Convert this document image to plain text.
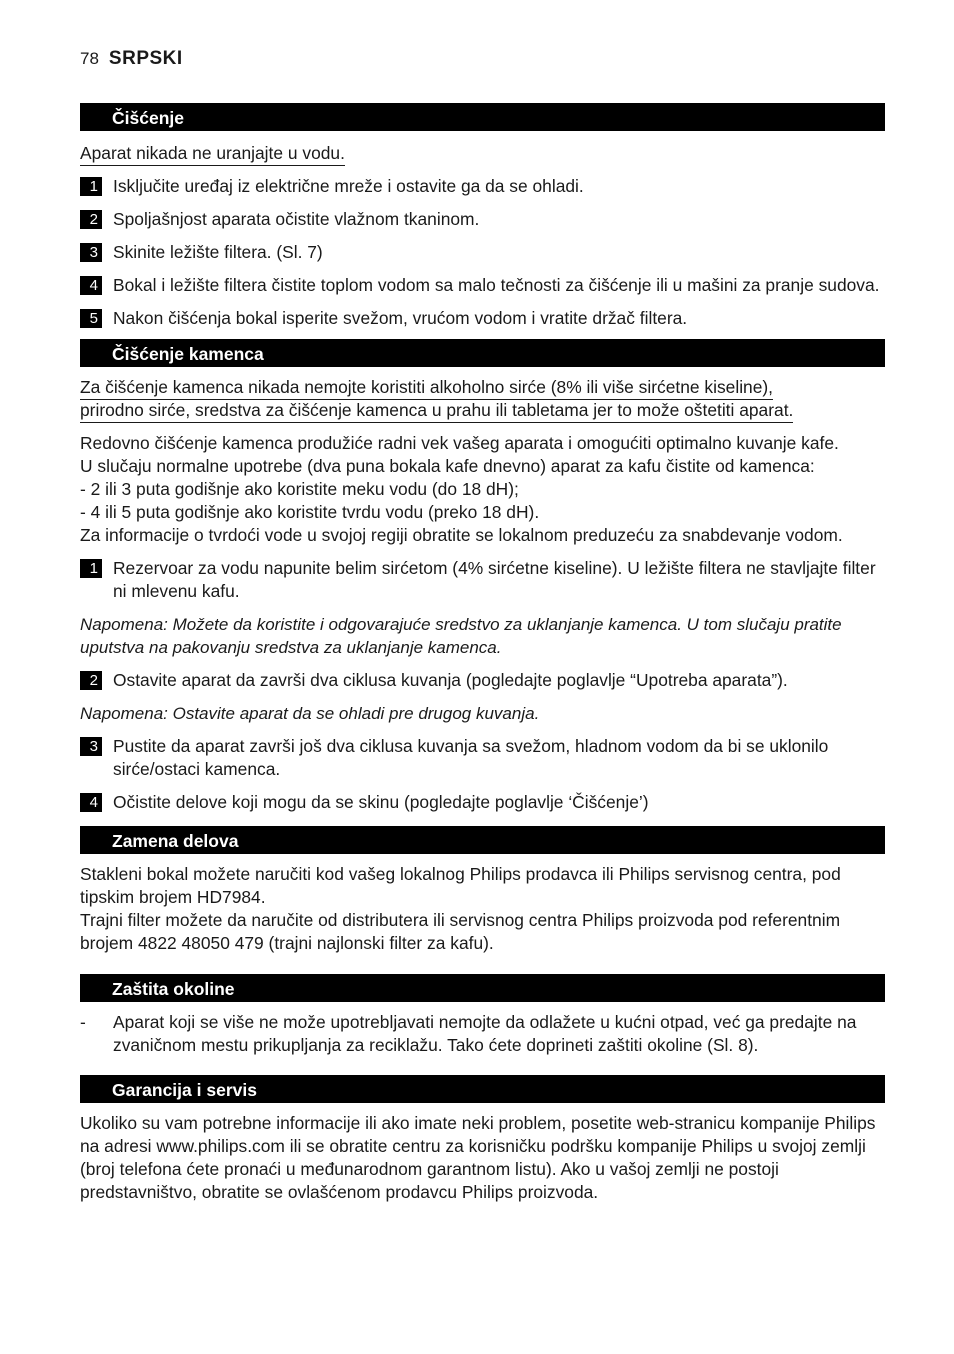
78 SRPSKI
Čišćenje
Aparat nikada ne uranjajte u vodu.
1 Isključite uređaj iz električne mreže i ostavite ga da se ohladi.
2 Spoljašnjost aparata očistite vlažnom tkaninom.
3 Skinite ležište filtera. (Sl. 7)
4 Bokal i ležište filtera čistite toplom vodom sa malo tečnosti za čišćenje ili u mašini za pranje sudova.
5 Nakon čišćenja bokal isperite svežom, vrućom vodom i vratite držač filtera.
Čišćenje kamenca
Za čišćenje kamenca nikada nemojte koristiti alkoholno sirće (8% ili više sirćetne kiseline),
prirodno sirće, sredstva za čišćenje kamenca u prahu ili tabletama jer to može oštetiti aparat.
Redovno čišćenje kamenca produžiće radni vek vašeg aparata i omogućiti optimalno kuvanje kafe.
U slučaju normalne upotrebe (dva puna bokala kafe dnevno) aparat za kafu čistite od kamenca:
- 2 ili 3 puta godišnje ako koristite meku vodu (do 18 dH);
- 4 ili 5 puta godišnje ako koristite tvrdu vodu (preko 18 dH).
Za informacije o tvrdoći vode u svojoj regiji obratite se lokalnom preduzeću za snabdevanje vodom.
1 Rezervoar za vodu napunite belim sirćetom (4% sirćetne kiseline). U ležište filtera ne stavljajte filter ni mlevenu kafu.
Napomena: Možete da koristite i odgovarajuće sredstvo za uklanjanje kamenca. U tom slučaju pratite uputstva na pakovanju sredstva za uklanjanje kamenca.
2 Ostavite aparat da završi dva ciklusa kuvanja (pogledajte poglavlje “Upotreba aparata”).
Napomena: Ostavite aparat da se ohladi pre drugog kuvanja.
3 Pustite da aparat završi još dva ciklusa kuvanja sa svežom, hladnom vodom da bi se uklonilo sirće/ostaci kamenca.
4 Očistite delove koji mogu da se skinu (pogledajte poglavlje ‘Čišćenje’)
Zamena delova
Stakleni bokal možete naručiti kod vašeg lokalnog Philips prodavca ili Philips servisnog centra, pod tipskim brojem HD7984.
Trajni filter možete da naručite od distributera ili servisnog centra Philips proizvoda pod referentnim brojem 4822 48050 479 (trajni najlonski filter za kafu).
Zaštita okoline
-	Aparat koji se više ne može upotrebljavati nemojte da odlažete u kućni otpad, već ga predajte na zvaničnom mestu prikupljanja za reciklažu. Tako ćete doprineti zaštiti okoline (Sl. 8).
Garancija i servis
Ukoliko su vam potrebne informacije ili ako imate neki problem, posetite web-stranicu kompanije Philips na adresi www.philips.com ili se obratite centru za korisničku podršku kompanije Philips u svojoj zemlji (broj telefona ćete pronaći u međunarodnom garantnom listu). Ako u vašoj zemlji ne postoji predstavništvo, obratite se ovlašćenom prodavcu Philips proizvoda.
